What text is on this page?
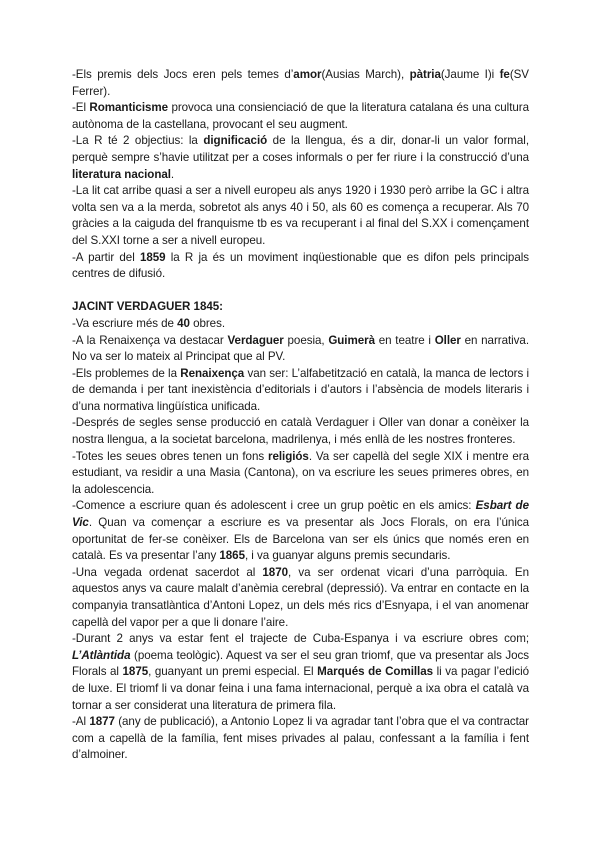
-Els premis dels Jocs eren pels temes d’amor(Ausias March), pàtria(Jaume I)i fe(SV Ferrer).

-El Romanticisme provoca una consienciació de que la literatura catalana és una cultura autònoma de la castellana, provocant el seu augment.

-La R té 2 objectius: la dignificació de la llengua, és a dir, donar-li un valor formal, perquè sempre s’havie utilitzat per a coses informals o per fer riure i la construcció d’una literatura nacional.

-La lit cat arribe quasi a ser a nivell europeu als anys 1920 i 1930 però arribe la GC i altra volta sen va a la merda, sobretot als anys 40 i 50, als 60 es comença a recuperar. Als 70 gràcies a la caiguda del franquisme tb es va recuperant i al final del S.XX i començament del S.XXI torne a ser a nivell europeu.

-A partir del 1859 la R ja és un moviment inqüestionable que es difon pels principals centres de difusió.

JACINT VERDAGUER 1845:

-Va escriure més de 40 obres.

-A la Renaixença va destacar Verdaguer poesia, Guimerà en teatre i Oller en narrativa. No va ser lo mateix al Principat que al PV.

-Els problemes de la Renaixença van ser: L’alfabetització en català, la manca de lectors i de demanda i per tant inexistència d’editorials i d’autors i l’absència de models literaris i d’una normativa lingüística unificada.

-Després de segles sense producció en català Verdaguer i Oller van donar a conèixer la nostra llengua, a la societat barcelona, madrilenya, i més enllà de les nostres fronteres.

-Totes les seues obres tenen un fons religiós. Va ser capellà del segle XIX i mentre era estudiant, va residir a una Masia (Cantona), on va escriure les seues primeres obres, en la adolescencia.

-Comence a escriure quan és adolescent i cree un grup poètic en els amics: Esbart de Vic. Quan va començar a escriure es va presentar als Jocs Florals, on era l’única oportunitat de fer-se conèixer. Els de Barcelona van ser els únics que només eren en català. Es va presentar l’any 1865, i va guanyar alguns premis secundaris.

-Una vegada ordenat sacerdot al 1870, va ser ordenat vicari d’una parròquia. En aquestos anys va caure malalt d’anèmia cerebral (depressió). Va entrar en contacte en la companyia transatlàntica d’Antoni Lopez, un dels més rics d’Esnyapa, i el van anomenar capellà del vapor per a que li donare l’aire.

-Durant 2 anys va estar fent el trajecte de Cuba-Espanya i va escriure obres com; L’Atlàntida (poema teològic). Aquest va ser el seu gran triomf, que va presentar als Jocs Florals al 1875, guanyant un premi especial. El Marqués de Comillas li va pagar l’edició de luxe. El triomf li va donar feina i una fama internacional, perquè a ixa obra el català va tornar a ser considerat una literatura de primera fila.

-Al 1877 (any de publicació), a Antonio Lopez li va agradar tant l’obra que el va contractar com a capellà de la família, fent mises privades al palau, confessant a la família i fent d’almoiner.
